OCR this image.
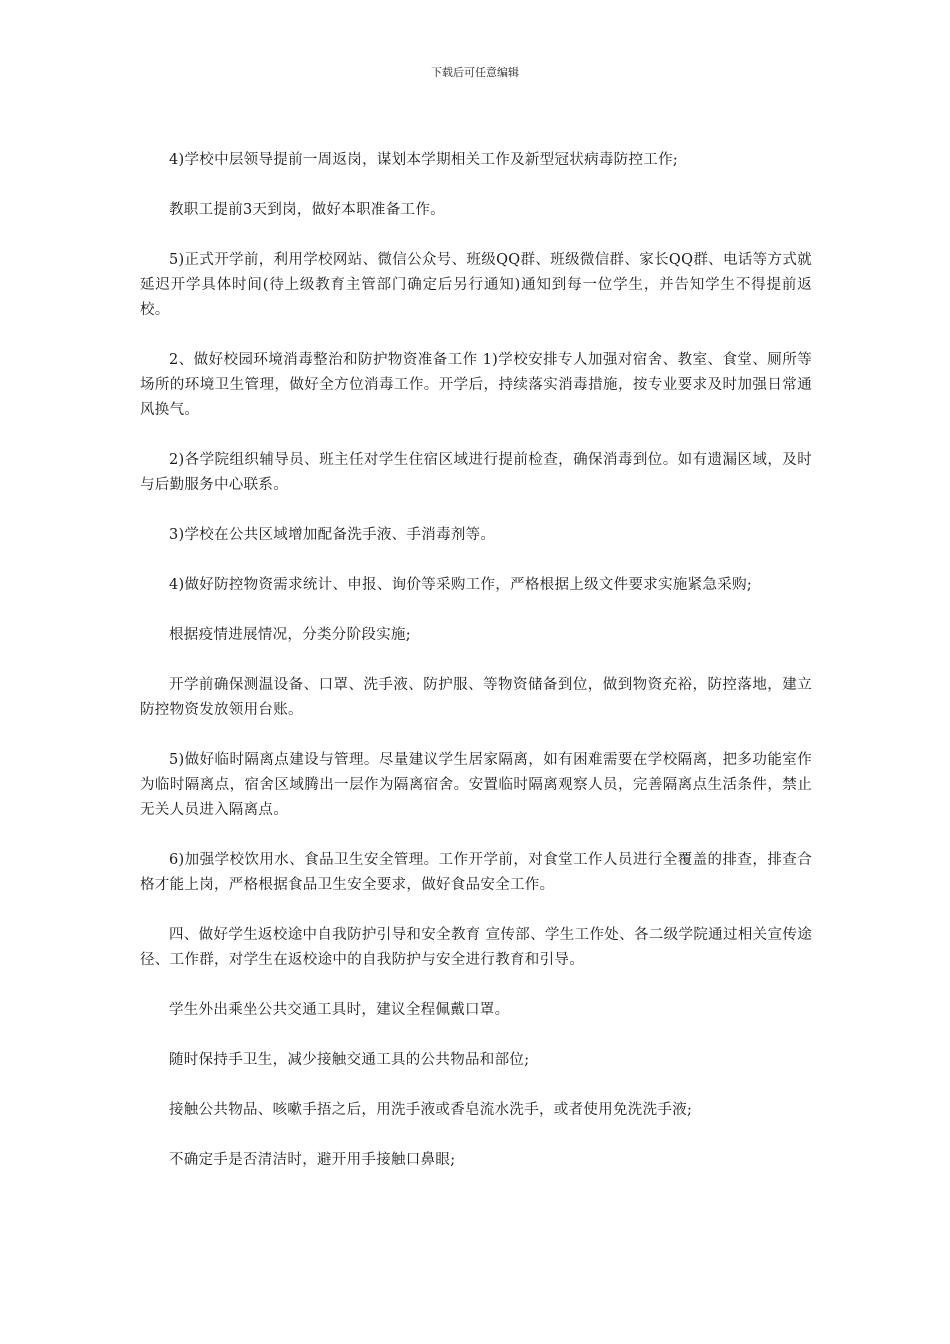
下载后可任意编辑

4)学校中层领导提前一周返岗，谋划本学期相关工作及新型冠状病毒防控工作;

教职工提前3天到岗，做好本职准备工作。

5)正式开学前，利用学校网站、微信公众号、班级QQ群、班级微信群、家长QQ群、电话等方式就延迟开学具体时间(待上级教育主管部门确定后另行通知)通知到每一位学生，并告知学生不得提前返校。

2、做好校园环境消毒整治和防护物资准备工作 1)学校安排专人加强对宿舍、教室、食堂、厕所等场所的环境卫生管理，做好全方位消毒工作。开学后，持续落实消毒措施，按专业要求及时加强日常通风换气。

2)各学院组织辅导员、班主任对学生住宿区域进行提前检查，确保消毒到位。如有遗漏区域，及时与后勤服务中心联系。

3)学校在公共区域增加配备洗手液、手消毒剂等。

4)做好防控物资需求统计、申报、询价等采购工作，严格根据上级文件要求实施紧急采购;

根据疫情进展情况，分类分阶段实施;

开学前确保测温设备、口罩、洗手液、防护服、等物资储备到位，做到物资充裕，防控落地，建立防控物资发放领用台账。

5)做好临时隔离点建设与管理。尽量建议学生居家隔离，如有困难需要在学校隔离，把多功能室作为临时隔离点，宿舍区域腾出一层作为隔离宿舍。安置临时隔离观察人员，完善隔离点生活条件，禁止无关人员进入隔离点。

6)加强学校饮用水、食品卫生安全管理。工作开学前，对食堂工作人员进行全覆盖的排查，排查合格才能上岗，严格根据食品卫生安全要求，做好食品安全工作。

四、做好学生返校途中自我防护引导和安全教育 宣传部、学生工作处、各二级学院通过相关宣传途径、工作群，对学生在返校途中的自我防护与安全进行教育和引导。

学生外出乘坐公共交通工具时，建议全程佩戴口罩。

随时保持手卫生，减少接触交通工具的公共物品和部位;

接触公共物品、咳嗽手捂之后，用洗手液或香皂流水洗手，或者使用免洗洗手液;

不确定手是否清洁时，避开用手接触口鼻眼;
